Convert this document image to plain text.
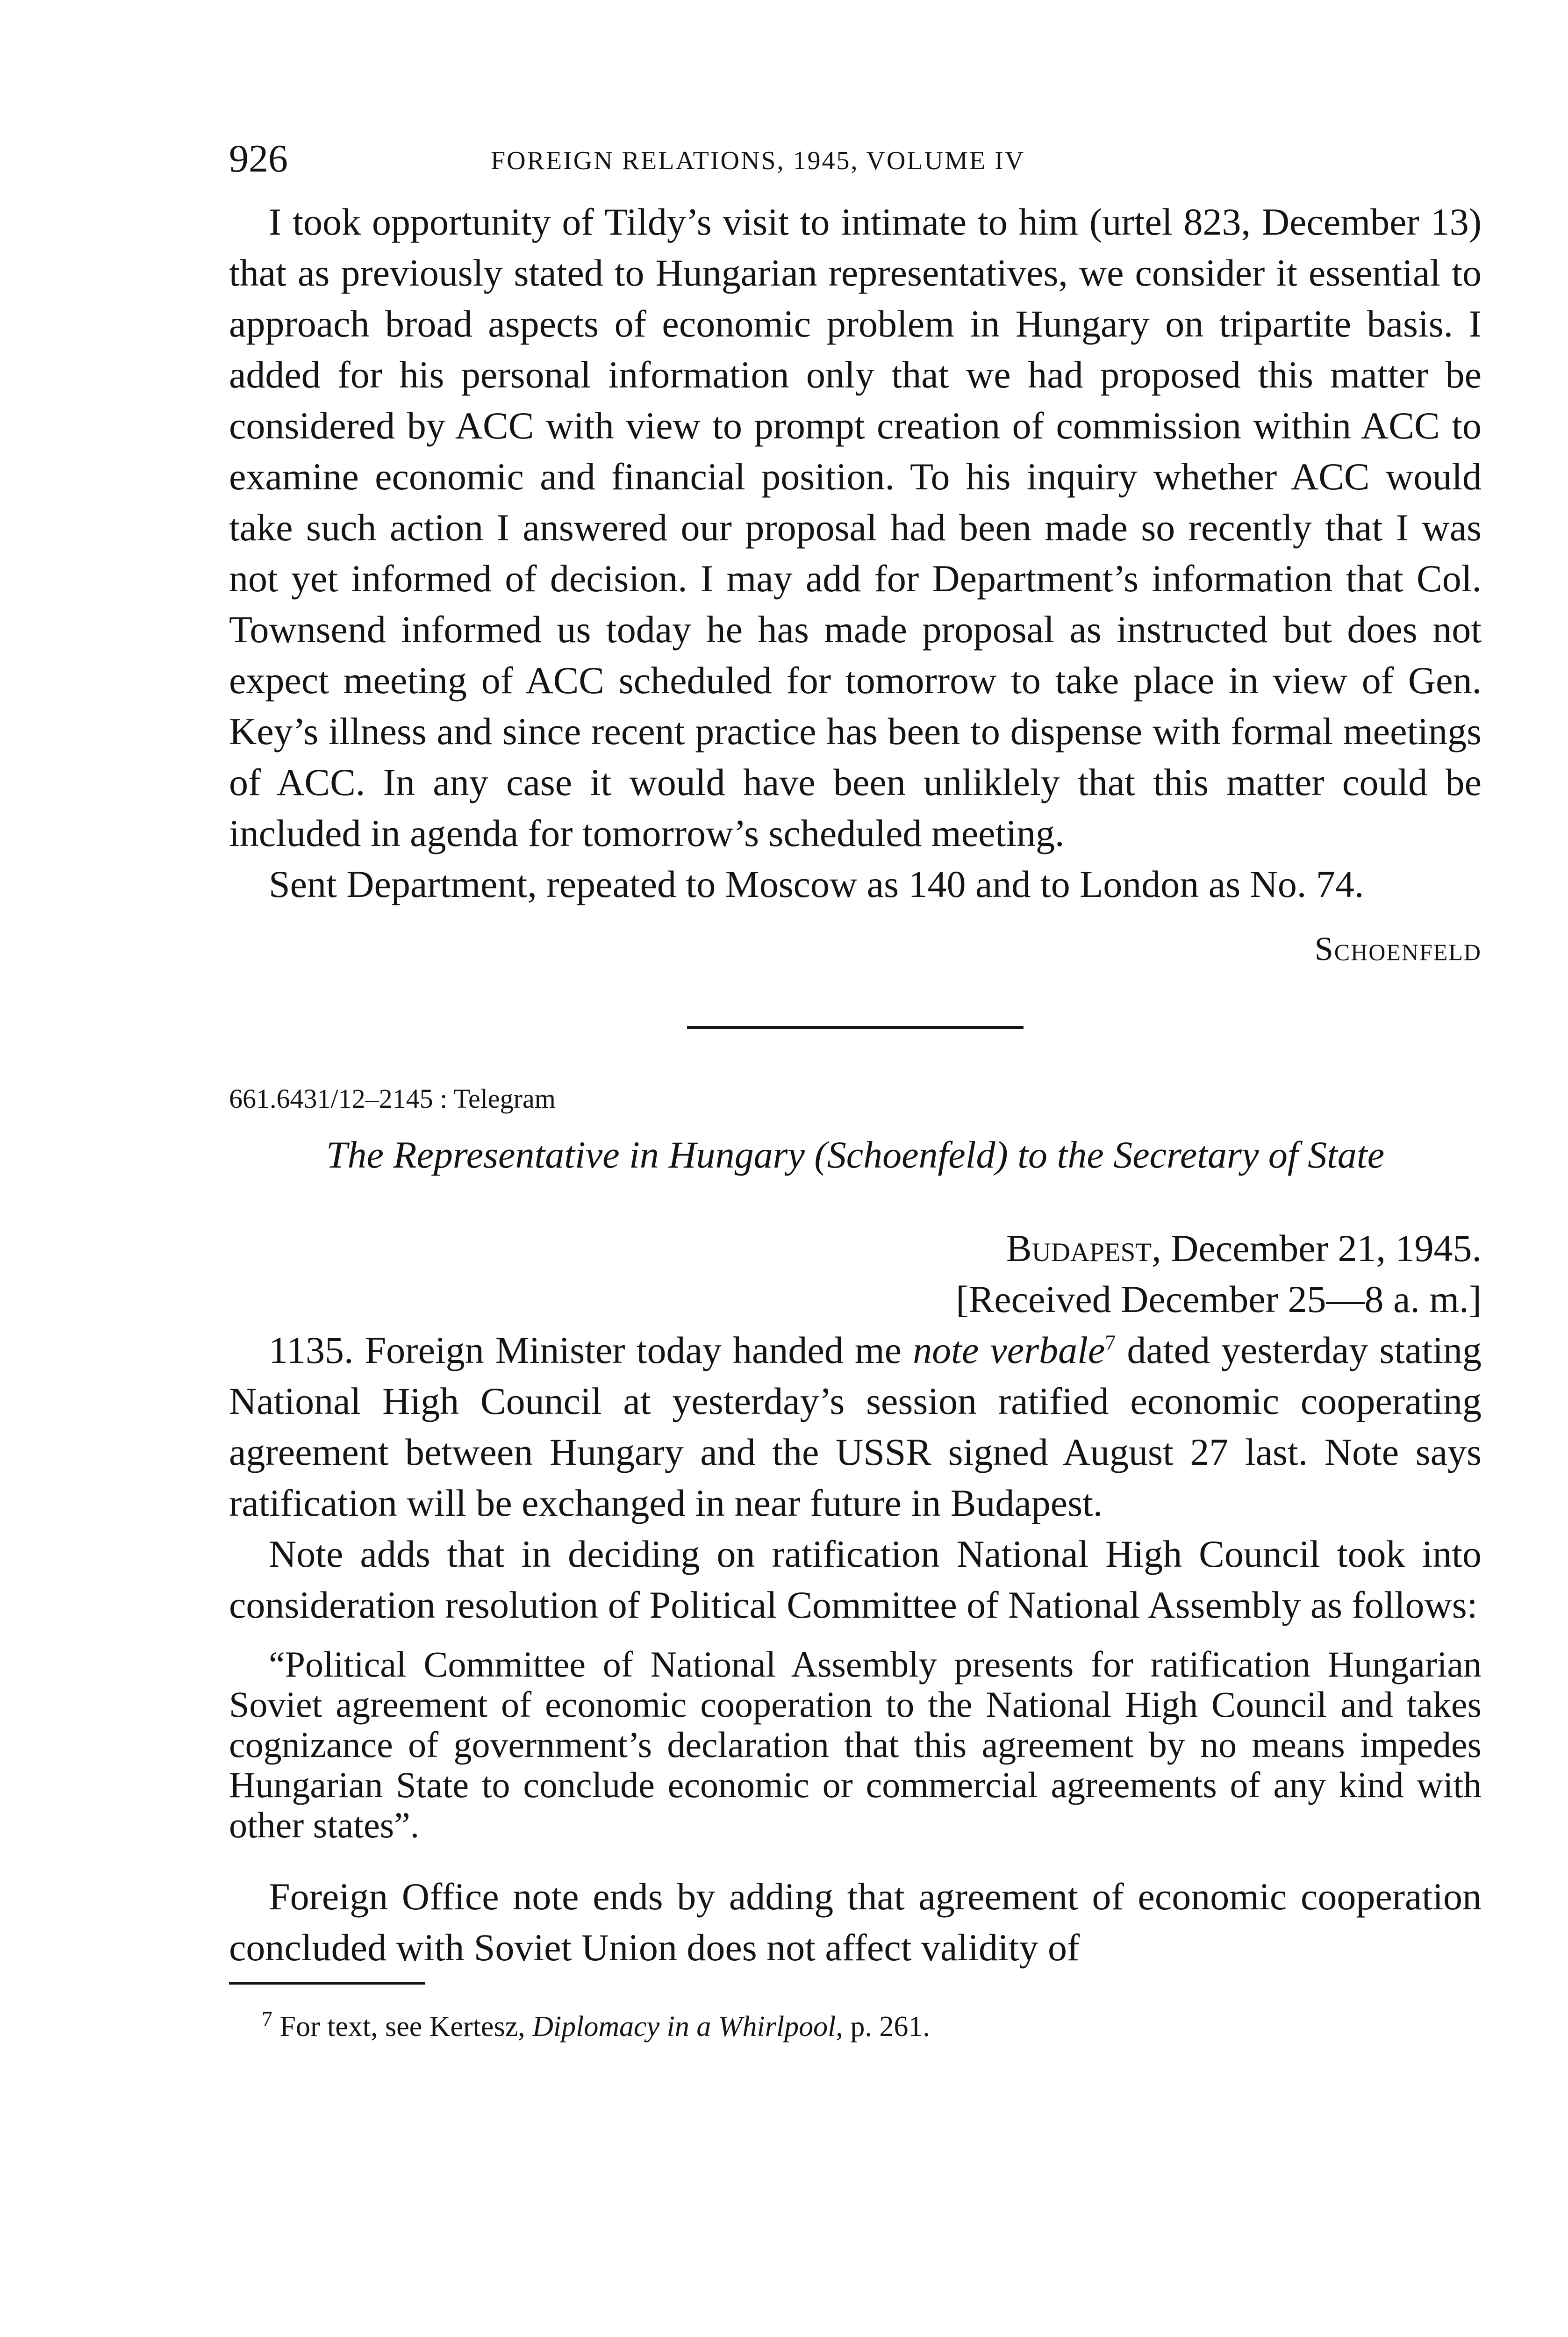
926	FOREIGN RELATIONS, 1945, VOLUME IV

I took opportunity of Tildy’s visit to intimate to him (urtel 823, December 13) that as previously stated to Hungarian representatives, we consider it essential to approach broad aspects of economic problem in Hungary on tripartite basis. I added for his personal information only that we had proposed this matter be considered by ACC with view to prompt creation of commission within ACC to examine economic and financial position. To his inquiry whether ACC would take such action I answered our proposal had been made so recently that I was not yet informed of decision. I may add for Department’s information that Col. Townsend informed us today he has made proposal as instructed but does not expect meeting of ACC scheduled for tomorrow to take place in view of Gen. Key’s illness and since recent practice has been to dispense with formal meetings of ACC. In any case it would have been unliklely that this matter could be included in agenda for tomorrow’s scheduled meeting.

Sent Department, repeated to Moscow as 140 and to London as No. 74.

Schoenfeld
661.6431/12–2145 : Telegram
The Representative in Hungary (Schoenfeld) to the Secretary of State
Budapest, December 21, 1945.
[Received December 25—8 a. m.]

1135. Foreign Minister today handed me note verbale$^7$ dated yesterday stating National High Council at yesterday’s session ratified economic cooperating agreement between Hungary and the USSR signed August 27 last. Note says ratification will be exchanged in near future in Budapest.

Note adds that in deciding on ratification National High Council took into consideration resolution of Political Committee of National Assembly as follows:

“Political Committee of National Assembly presents for ratification Hungarian Soviet agreement of economic cooperation to the National High Council and takes cognizance of government’s declaration that this agreement by no means impedes Hungarian State to conclude economic or commercial agreements of any kind with other states”.

Foreign Office note ends by adding that agreement of economic cooperation concluded with Soviet Union does not affect validity of

$^7$ For text, see Kertesz, Diplomacy in a Whirlpool, p. 261.
